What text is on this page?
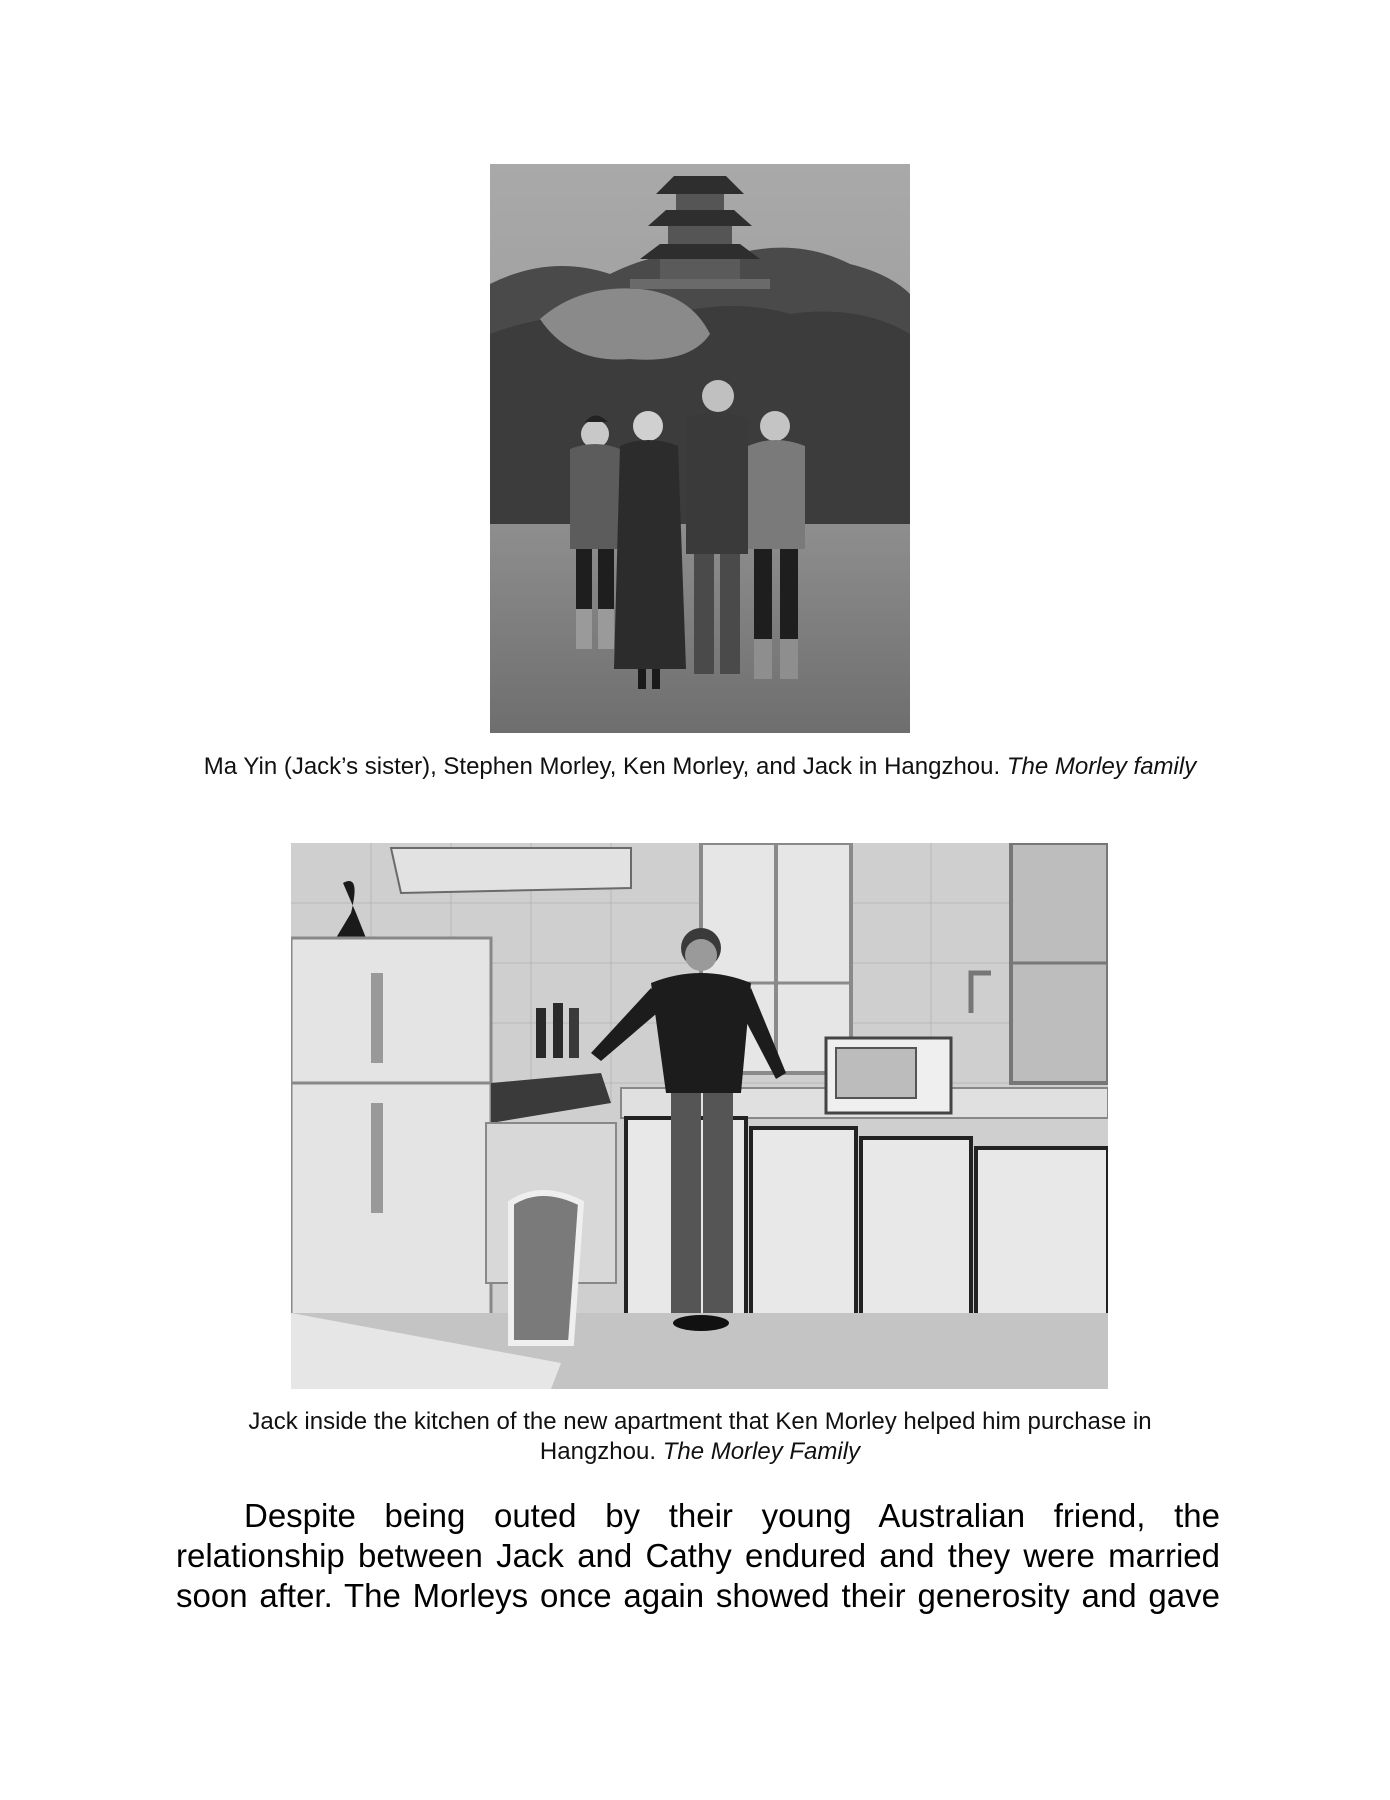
Ma Yin (Jack’s sister), Stephen Morley, Ken Morley, and Jack in Hangzhou. The Morley family
Jack inside the kitchen of the new apartment that Ken Morley helped him purchase in Hangzhou. The Morley Family
Despite being outed by their young Australian friend, the
relationship between Jack and Cathy endured and they were married
soon after. The Morleys once again showed their generosity and gave
